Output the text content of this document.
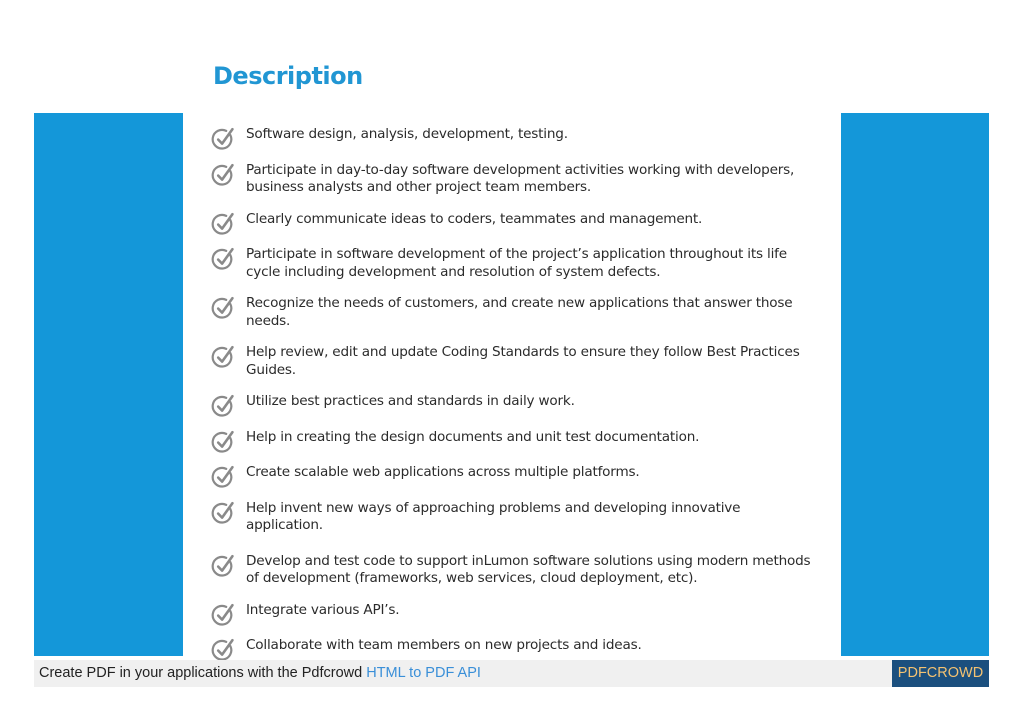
Description
Software design, analysis, development, testing.
Participate in day-to-day software development activities working with developers, business analysts and other project team members.
Clearly communicate ideas to coders, teammates and management.
Participate in software development of the project’s application throughout its life cycle including development and resolution of system defects.
Recognize the needs of customers, and create new applications that answer those needs.
Help review, edit and update Coding Standards to ensure they follow Best Practices Guides.
Utilize best practices and standards in daily work.
Help in creating the design documents and unit test documentation.
Create scalable web applications across multiple platforms.
Help invent new ways of approaching problems and developing innovative application.
Develop and test code to support inLumon software solutions using modern methods of development (frameworks, web services, cloud deployment, etc).
Integrate various API’s.
Collaborate with team members on new projects and ideas.
Create PDF in your applications with the Pdfcrowd HTML to PDF API	PDFCROWD
